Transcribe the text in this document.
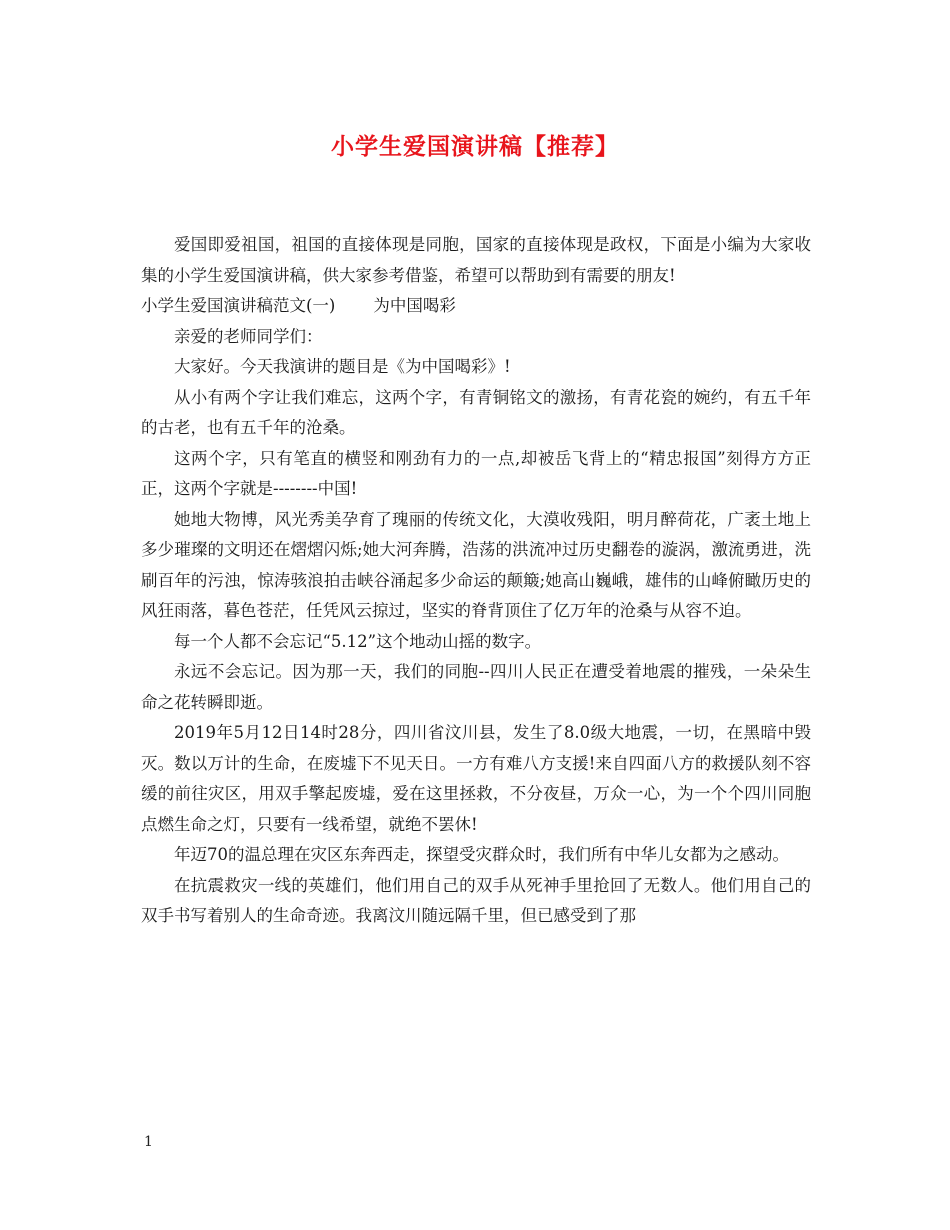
小学生爱国演讲稿【推荐】

爱国即爱祖国，祖国的直接体现是同胞，国家的直接体现是政权，下面是小编为大家收集的小学生爱国演讲稿，供大家参考借鉴，希望可以帮助到有需要的朋友!

小学生爱国演讲稿范文(一) 为中国喝彩

亲爱的老师同学们：

大家好。今天我演讲的题目是《为中国喝彩》!

从小有两个字让我们难忘，这两个字，有青铜铭文的激扬，有青花瓷的婉约，有五千年的古老，也有五千年的沧桑。

这两个字，只有笔直的横竖和刚劲有力的一点,却被岳飞背上的“精忠报国”刻得方方正正，这两个字就是--------中国!

她地大物博，风光秀美孕育了瑰丽的传统文化，大漠收残阳，明月醉荷花，广袤土地上多少璀璨的文明还在熠熠闪烁;她大河奔腾，浩荡的洪流冲过历史翻卷的漩涡，激流勇进，洗刷百年的污浊，惊涛骇浪拍击峡谷涌起多少命运的颠簸;她高山巍峨，雄伟的山峰俯瞰历史的风狂雨落，暮色苍茫，任凭风云掠过，坚实的脊背顶住了亿万年的沧桑与从容不迫。

每一个人都不会忘记“5.12”这个地动山摇的数字。

永远不会忘记。因为那一天，我们的同胞--四川人民正在遭受着地震的摧残，一朵朵生命之花转瞬即逝。

2019年5月12日14时28分，四川省汶川县，发生了8.0级大地震，一切，在黑暗中毁灭。数以万计的生命，在废墟下不见天日。一方有难八方支援!来自四面八方的救援队刻不容缓的前往灾区，用双手擎起废墟，爱在这里拯救，不分夜昼，万众一心，为一个个四川同胞点燃生命之灯，只要有一线希望，就绝不罢休!

年迈70的温总理在灾区东奔西走，探望受灾群众时，我们所有中华儿女都为之感动。

在抗震救灾一线的英雄们，他们用自己的双手从死神手里抢回了无数人。他们用自己的双手书写着别人的生命奇迹。我离汶川随远隔千里，但已感受到了那

1
